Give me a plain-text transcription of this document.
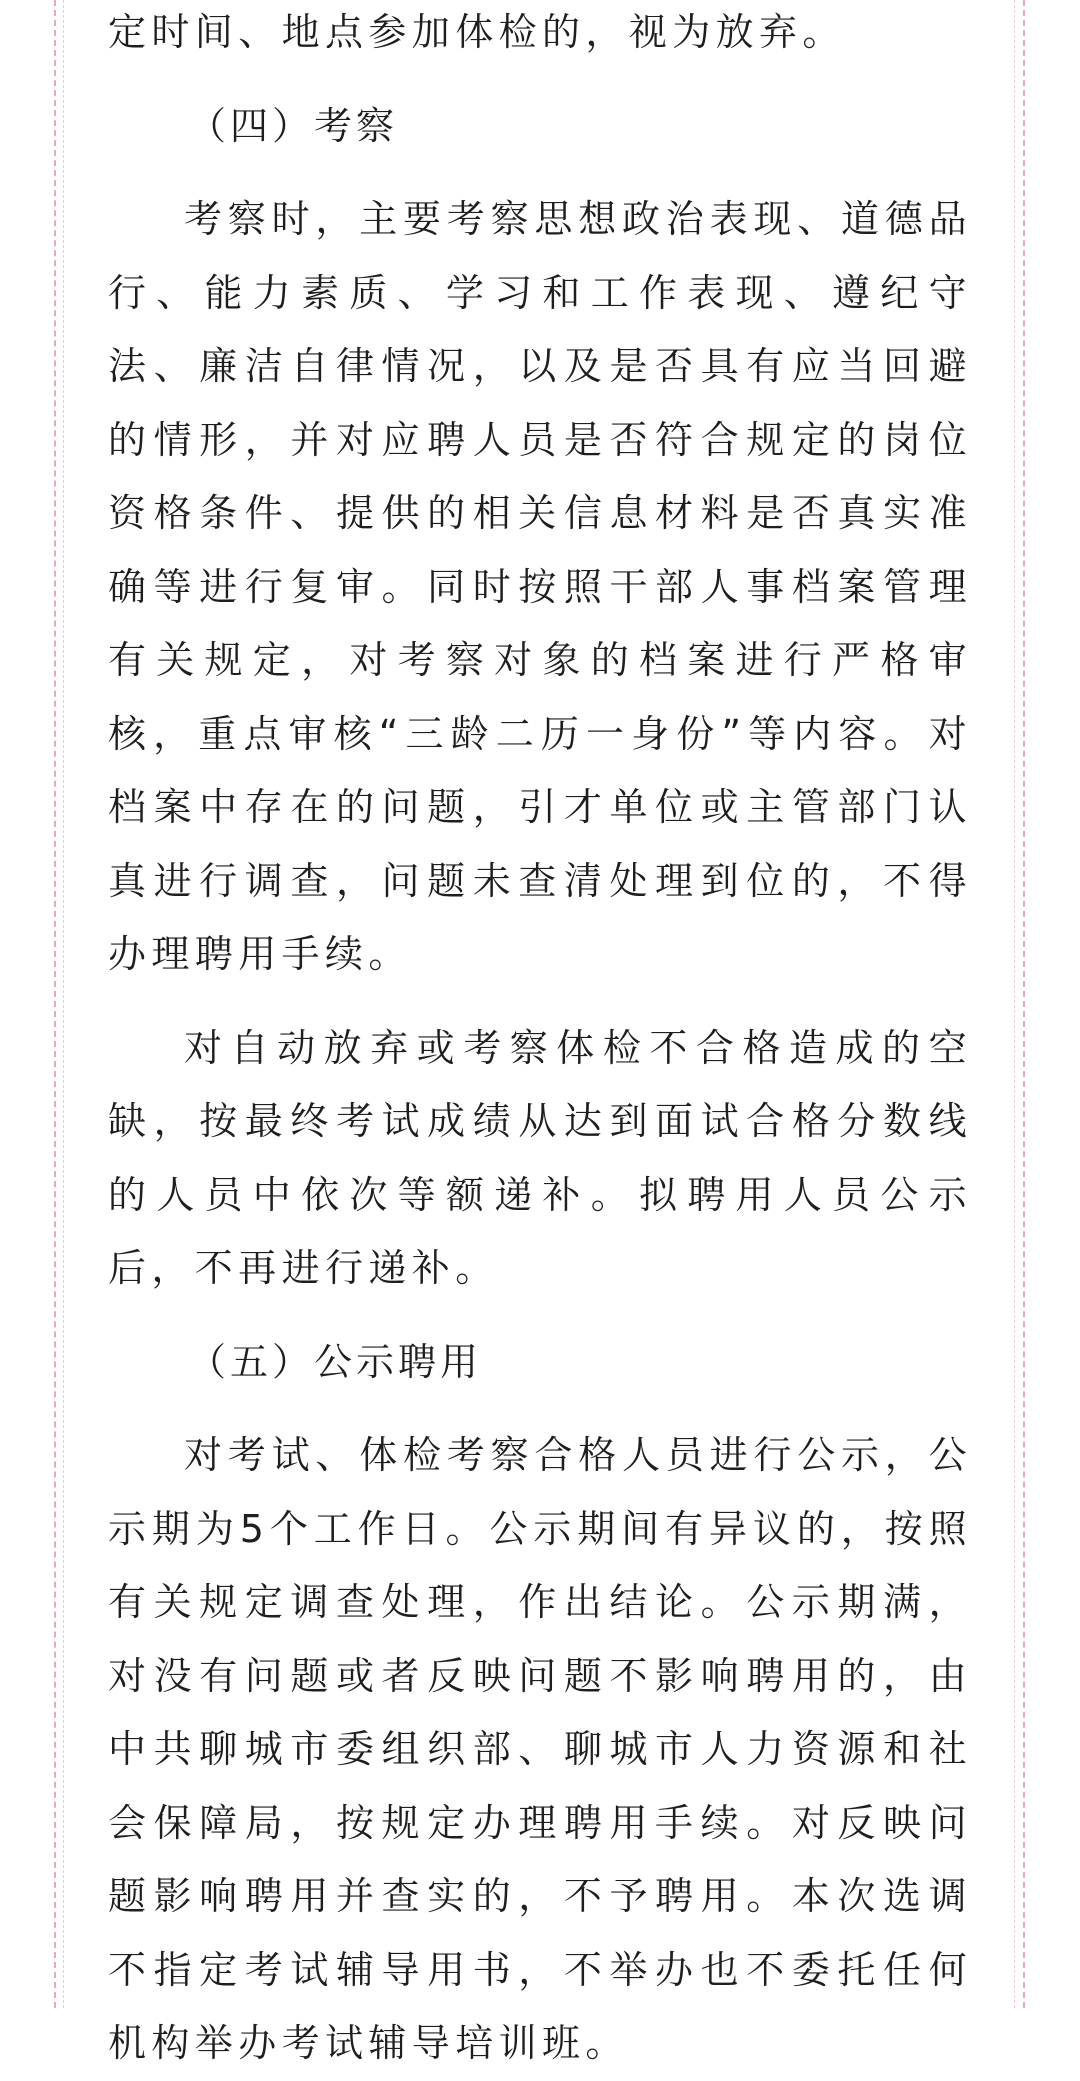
定时间、地点参加体检的，视为放弃。

（四）考察

考察时，主要考察思想政治表现、道德品行、能力素质、学习和工作表现、遵纪守法、廉洁自律情况，以及是否具有应当回避的情形，并对应聘人员是否符合规定的岗位资格条件、提供的相关信息材料是否真实准确等进行复审。同时按照干部人事档案管理有关规定，对考察对象的档案进行严格审核，重点审核“三龄二历一身份”等内容。对档案中存在的问题，引才单位或主管部门认真进行调查，问题未查清处理到位的，不得办理聘用手续。

对自动放弃或考察体检不合格造成的空缺，按最终考试成绩从达到面试合格分数线的人员中依次等额递补。拟聘用人员公示后，不再进行递补。

（五）公示聘用

对考试、体检考察合格人员进行公示，公示期为5个工作日。公示期间有异议的，按照有关规定调查处理，作出结论。公示期满，对没有问题或者反映问题不影响聘用的，由中共聊城市委组织部、聊城市人力资源和社会保障局，按规定办理聘用手续。对反映问题影响聘用并查实的，不予聘用。本次选调不指定考试辅导用书，不举办也不委托任何机构举办考试辅导培训班。
